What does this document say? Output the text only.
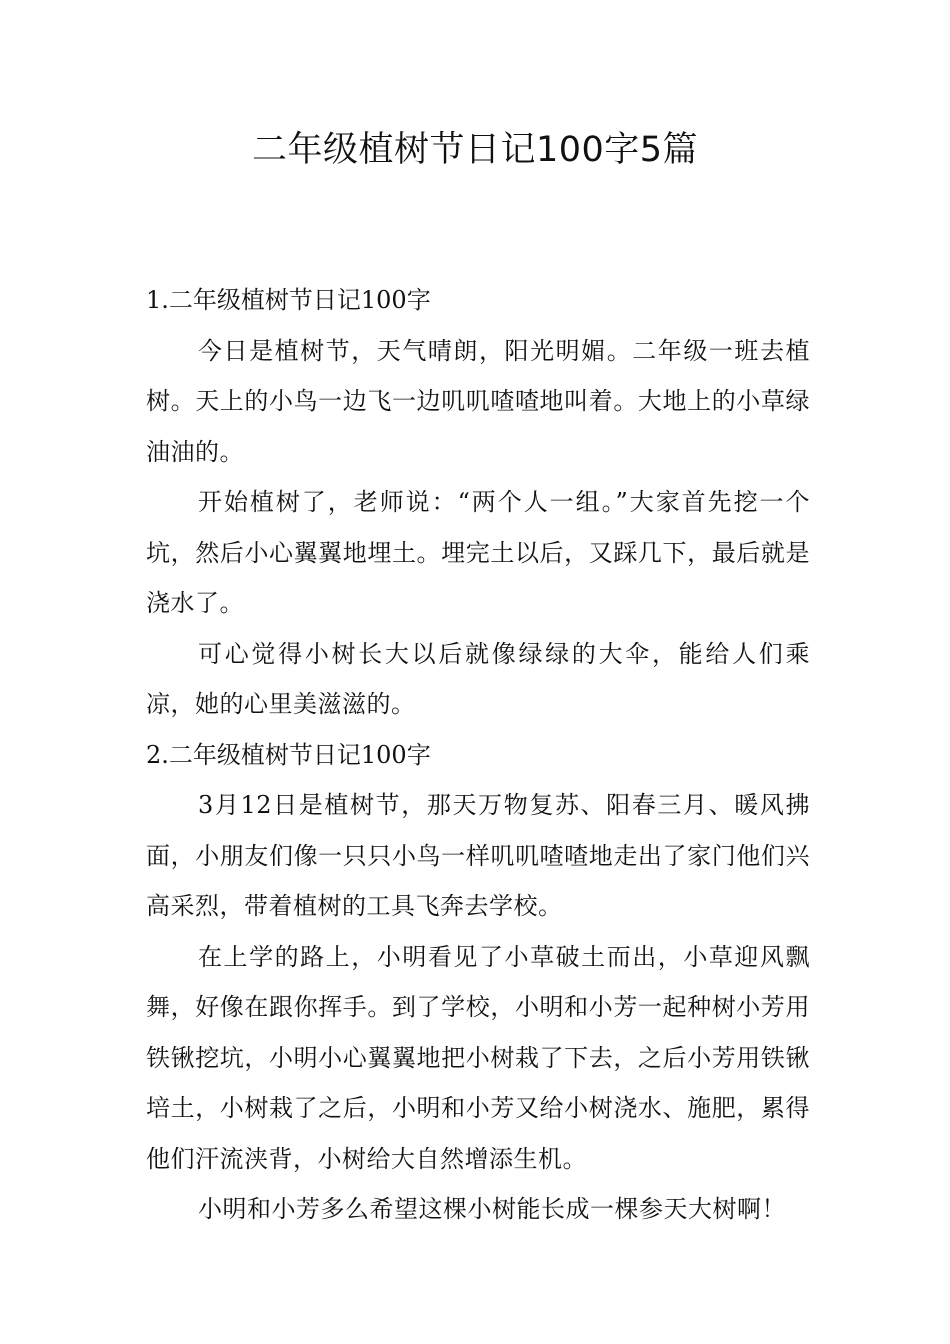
二年级植树节日记100字5篇
1.二年级植树节日记100字

今日是植树节，天气晴朗，阳光明媚。二年级一班去植树。天上的小鸟一边飞一边叽叽喳喳地叫着。大地上的小草绿油油的。

开始植树了，老师说：“两个人一组。”大家首先挖一个坑，然后小心翼翼地埋土。埋完土以后，又踩几下，最后就是浇水了。

可心觉得小树长大以后就像绿绿的大伞，能给人们乘凉，她的心里美滋滋的。

2.二年级植树节日记100字

3月12日是植树节，那天万物复苏、阳春三月、暖风拂面，小朋友们像一只只小鸟一样叽叽喳喳地走出了家门他们兴高采烈，带着植树的工具飞奔去学校。

在上学的路上，小明看见了小草破土而出，小草迎风飘舞，好像在跟你挥手。到了学校，小明和小芳一起种树小芳用铁锹挖坑，小明小心翼翼地把小树栽了下去，之后小芳用铁锹培土，小树栽了之后，小明和小芳又给小树浇水、施肥，累得他们汗流浃背，小树给大自然增添生机。

小明和小芳多么希望这棵小树能长成一棵参天大树啊！
